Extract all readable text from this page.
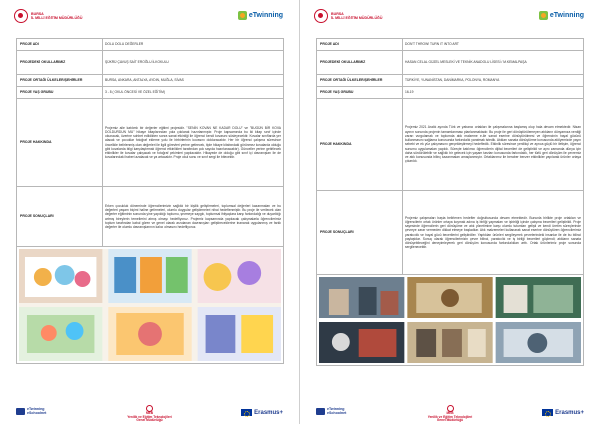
BURSA
İL MİLLİ EĞİTİM MÜDÜRLÜĞÜ	eTwinning
PROJE ADI	DOLU DOLU DEĞERLER
PROJEDEKİ OKULLARIMIZ	ŞÜKRÜ ÇAVUŞ SAİT EROĞLU İLKOKULU
PROJE ORTAĞI ÜLKELER/ŞEHİRLER	BURSA, ANKARA, ANTALYA, AYDIN, MUĞLA, SİVAS
PROJE YAŞ GRUBU	3 - 8 ( OKUL ÖNCESİ VE ÖZEL EĞİTİM)
PROJE HAKKINDA	Projemiz aile katılımlı bir değerler eğitimi projesidir. "SENİN KOVAN NE KADAR DOLU" ve "BUGÜN BİR KOVA DOLDURDUN MU" hikaye kitaplarından yola çıkılarak hazırlanmıştır. Proje kapsamında bu iki kitap sınıf içinde okunacak, üzerine sohbet edildikten sonra sanat etkinliği ile öğrenci kendi kovasını süsleyecektir. Kovalar sınıflarda yer alacak ve çocuklar fotoğraf ekleme yolu ile birbirlerinin kovasını dolduracaktır. Her bir öğrenci çalışma süresince öncelikle belirlenmiş olan değerleri ile ilgili görevleri yerine getirecek, tiple hikaye kitabındaki görünmez kovalarda olduğu gibi kovalarda bilgi karşılaştırmalı öğrenci etkinlikleri tarafından çok sayıda hazırlanacaktır). Günceller yerine getirilecek etkinlikler ile kovalar çalışacak ve fotoğraf çekimleri yapılacaktır. Hikayede de olduğu gibi sınıf içi davranışları ile de kovalarındaki haberi azalacak ve ya artacaktır. Proje okul sonu ve sınıf sergi ile bitecektir.
PROJE SONUÇLARI	Erken çocukluk döneminde öğrencilerimizin sağlıklı bir kişilik geliştirmeleri, toplumsal değerleri kazanmaları ve bu değerleri yaşam biçimi haline getirmeleri, olumlu duygular geliştirmeleri nihai hedeflenmiştir. Bu proje ile verilecek olan değerler eğitiminin sonunda yine yapıldığı toplumu, şevmeye saygılı, toplumsal ihtiyaçlara karşı farkındalığı ve duyarlılığı artmış bireylerin temellerini atmış olmayı hedefliyoruz. Projemiz kapsamında yapılacak çalışmalarla öğrencilerimiz toplum tarafından kabul gören ve genel olarak arzulanan davranışları geliştireceklerine inanarak uygulanmış ve farklı değerler ile olumlu davranışlarının kalıcı olmasını hedefliyoruz.

eTwinning
eSchoolnet	MEB
Yenilik ve Eğitim Teknolojileri
Genel Müdürlüğü
Erasmus+
BURSA
İL MİLLİ EĞİTİM MÜDÜRLÜĞÜ	eTwinning
PROJE ADI	DON'T THROW! TURN IT INTO ART
PROJEDEKİ OKULLARIMIZ	HASAN CELAL GÜZEL MESLEKİ VE TEKNİK ANADOLU LİSESİ / M.KEMALPAŞA
PROJE ORTAĞI ÜLKELER/ŞEHİRLER	TÜRKİYE, YUNANİSTAN, DANİMARKA, POLONYA, ROMANYA
PROJE YAŞ GRUBU	16-19
PROJE HAKKINDA	Projemiz 2021 Aralık ayında Türk ve yabancı ortakları ile çalışmalarına başlamış olup hala devam etmektedir. Nisan ayının sonunda projenin tamamlanması planlanmaktadır. Bu proje ile geri dönüştürülemeyen atıkların dünyamıza verdiği zararı vurgulamak ve toplumda atık malzeme e-ile sanat eserine dönüştürülmesi ve öğrencinin hayal gücünü kullanmasını sağlama konusunda farkındalık yaratmak istedik. Atıkları sanata dönüştürme konusunda atölyemizde yayın sebebi ve ek yüz çalışmasını gerçekleştirmeyi hedefledik. Etkinlik süresince yenilikçi ve ayrıca güçlü bir iletişim, öğrenci sunumu uygulamaları yapıldı. Süreçte katılımcı öğrencilerin dijital becerileri de geliştirildi ve aynı zamanda dünya için daha sürdürülebilir ve sağlıklı bir gelecek için yaşam tarzları konusunda farkındalık, her türlü geri dönüşüm ile çevremiz ve atık konusunda bilinç kazanmaları amaçlanmıştır. Ortaklarımız ile beraber benzer etkinlikler yapılarak ürünler ortaya çıkarıldı.
PROJE SONUÇLARI	Projemiz çalışmaları başta belirlenen hedefler doğrultusunda devam etmektedir. Bununla birlikte proje ortakları ve öğrencilerin ortak ürünler ortaya koymak adına iş birliği yapmaları ve işbirliği içinde çalışma becerileri geliştirildi. Proje sayesinde öğrencilerin geri dönüşüme ve atık yönetimine karşı olumlu tutumları gelişti ve kendi üretim süreçlerinde çevreye zarar vermeden dikkat etmeye başladılar. Atık malzemeleri kullanarak sanat eserine dönüştüren öğrencilerimiz yaratıcılık ve hayal gücü becerilerini geliştirdiler. Yaptıkları ürünleri sergileyerek çevrelerindeki insanlar ile de bu bilinci paylaştılar. Sonuç olarak öğrencilerimizin çevre bilinci, yaratıcılık ve iş birliği becerileri güçlendi; atıkların sanata dönüşebileceğini deneyimleyerek geri dönüşüm konusunda farkındalıkları arttı. Ortak ürünlerimiz proje sonunda sergilenecektir.

eTwinning
eSchoolnet	MEB
Yenilik ve Eğitim Teknolojileri
Genel Müdürlüğü
Erasmus+
